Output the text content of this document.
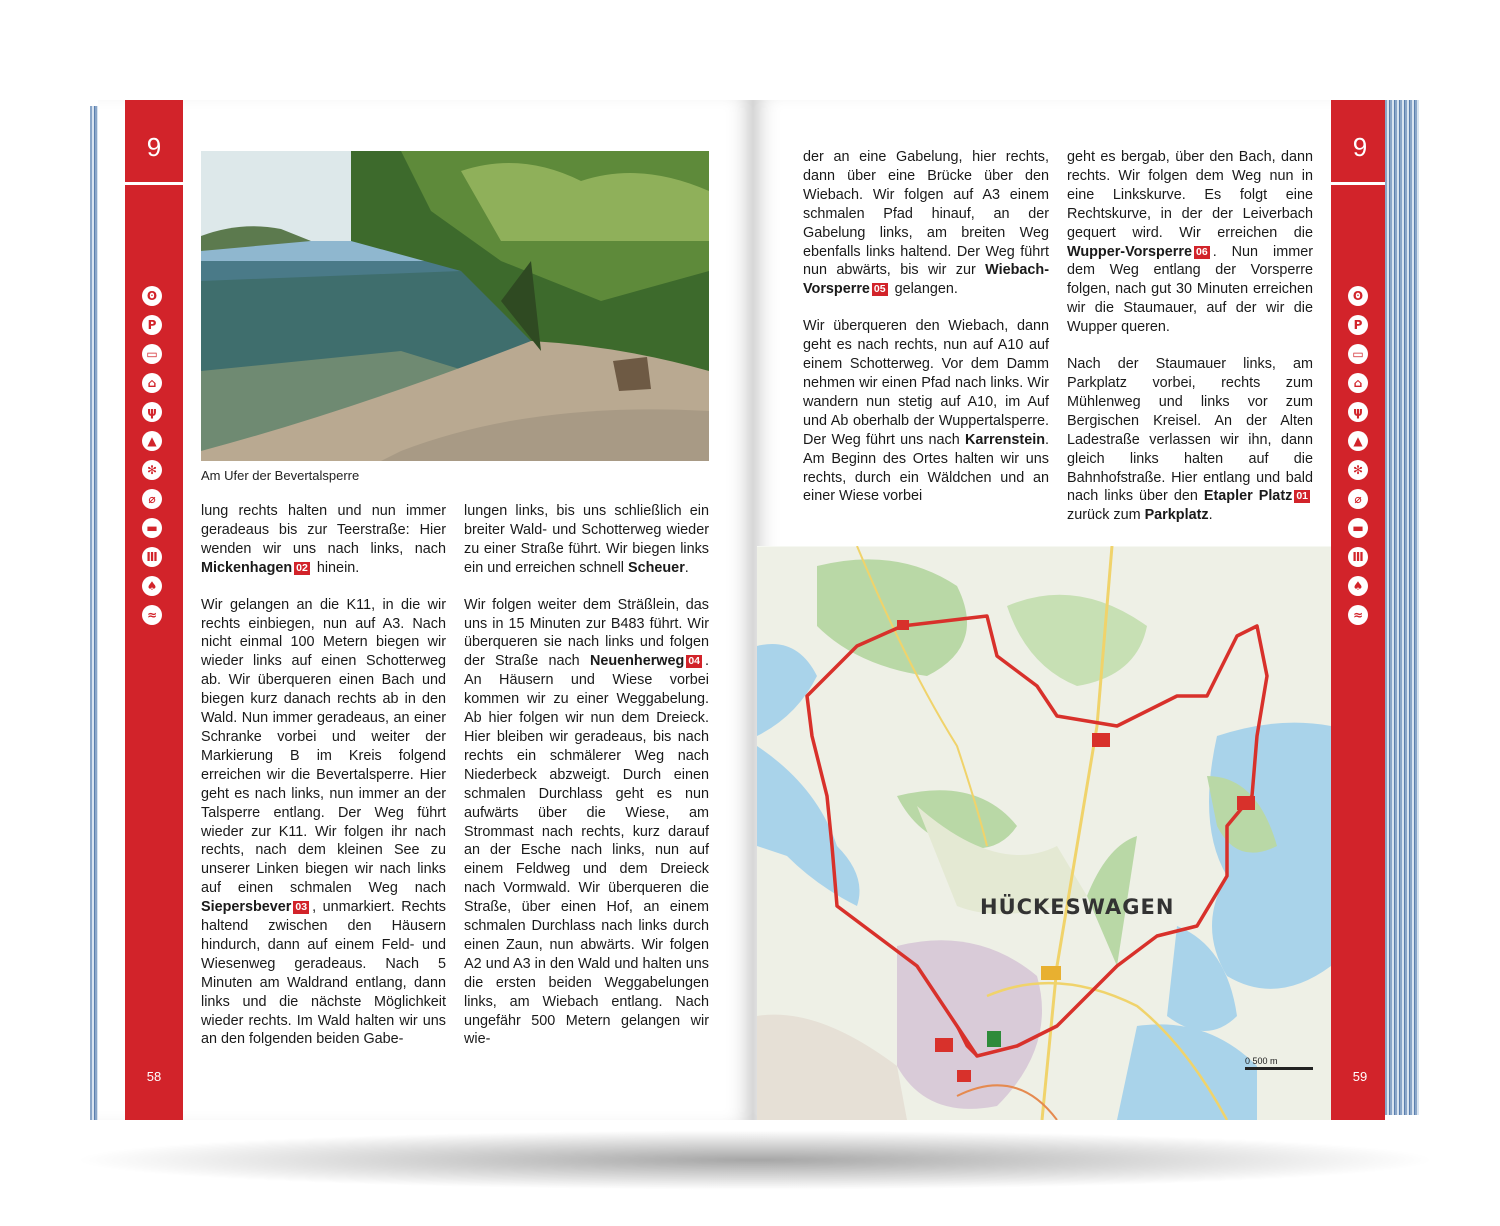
9
ʘ
P
▭
⌂
ψ
▲
✻
⌀
▬
Ⅲ
♠
≈
58
Am Ufer der Bevertalsperre

lung rechts halten und nun immer geradeaus bis zur Teerstraße: Hier wenden wir uns nach links, nach Mickenhagen 02 hinein.

Wir gelangen an die K11, in die wir rechts einbiegen, nun auf A3. Nach nicht einmal 100 Metern biegen wir wieder links auf einen Schotterweg ab. Wir überqueren einen Bach und biegen kurz danach rechts ab in den Wald. Nun immer geradeaus, an einer Schranke vorbei und weiter der Markierung B im Kreis folgend erreichen wir die Bevertalsperre. Hier geht es nach links, nun immer an der Talsperre entlang. Der Weg führt wieder zur K11. Wir folgen ihr nach rechts, nach dem kleinen See zu unserer Linken biegen wir nach links auf einen schmalen Weg nach Siepersbever 03 , unmarkiert. Rechts haltend zwischen den Häusern hindurch, dann auf einem Feld- und Wiesenweg geradeaus. Nach 5 Minuten am Waldrand entlang, dann links und die nächste Möglichkeit wieder rechts. Im Wald halten wir uns an den folgenden beiden Gabe-

lungen links, bis uns schließlich ein breiter Wald- und Schotterweg wieder zu einer Straße führt. Wir biegen links ein und erreichen schnell Scheuer.

Wir folgen weiter dem Sträßlein, das uns in 15 Minuten zur B483 führt. Wir überqueren sie nach links und folgen der Straße nach Neuenherweg 04 . An Häusern und Wiese vorbei kommen wir zu einer Weggabelung. Ab hier folgen wir nun dem Dreieck. Hier bleiben wir geradeaus, bis nach rechts ein schmälerer Weg nach Niederbeck abzweigt. Durch einen schmalen Durchlass geht es nun aufwärts über die Wiese, am Strommast nach rechts, kurz darauf an der Esche nach links, nun auf einem Feldweg und dem Dreieck nach Vormwald. Wir überqueren die Straße, über einen Hof, an einem schmalen Durchlass nach links durch einen Zaun, nun abwärts. Wir folgen A2 und A3 in den Wald und halten uns die ersten beiden Weggabelungen links, am Wiebach entlang. Nach ungefähr 500 Metern gelangen wir wie-

der an eine Gabelung, hier rechts, dann über eine Brücke über den Wiebach. Wir folgen auf A3 einem schmalen Pfad hinauf, an der Gabelung links, am breiten Weg ebenfalls links haltend. Der Weg führt nun abwärts, bis wir zur Wiebach-Vorsperre 05 gelangen.

Wir überqueren den Wiebach, dann geht es nach rechts, nun auf A10 auf einem Schotterweg. Vor dem Damm nehmen wir einen Pfad nach links. Wir wandern nun stetig auf A10, im Auf und Ab oberhalb der Wuppertalsperre. Der Weg führt uns nach Karrenstein. Am Beginn des Ortes halten wir uns rechts, durch ein Wäldchen und an einer Wiese vorbei

geht es bergab, über den Bach, dann rechts. Wir folgen dem Weg nun in eine Linkskurve. Es folgt eine Rechtskurve, in der der Leiverbach gequert wird. Wir erreichen die Wupper-Vorsperre 06 . Nun immer dem Weg entlang der Vorsperre folgen, nach gut 30 Minuten erreichen wir die Staumauer, auf der wir die Wupper queren.

Nach der Staumauer links, am Parkplatz vorbei, rechts zum Mühlenweg und links vor zum Bergischen Kreisel. An der Alten Ladestraße verlassen wir ihn, dann gleich links halten auf die Bahnhofstraße. Hier entlang und bald nach links über den Etapler Platz 01 zurück zum Parkplatz.

HÜCKESWAGEN
0 500 m
9
ʘ
P
▭
⌂
ψ
▲
✻
⌀
▬
Ⅲ
♠
≈
59
